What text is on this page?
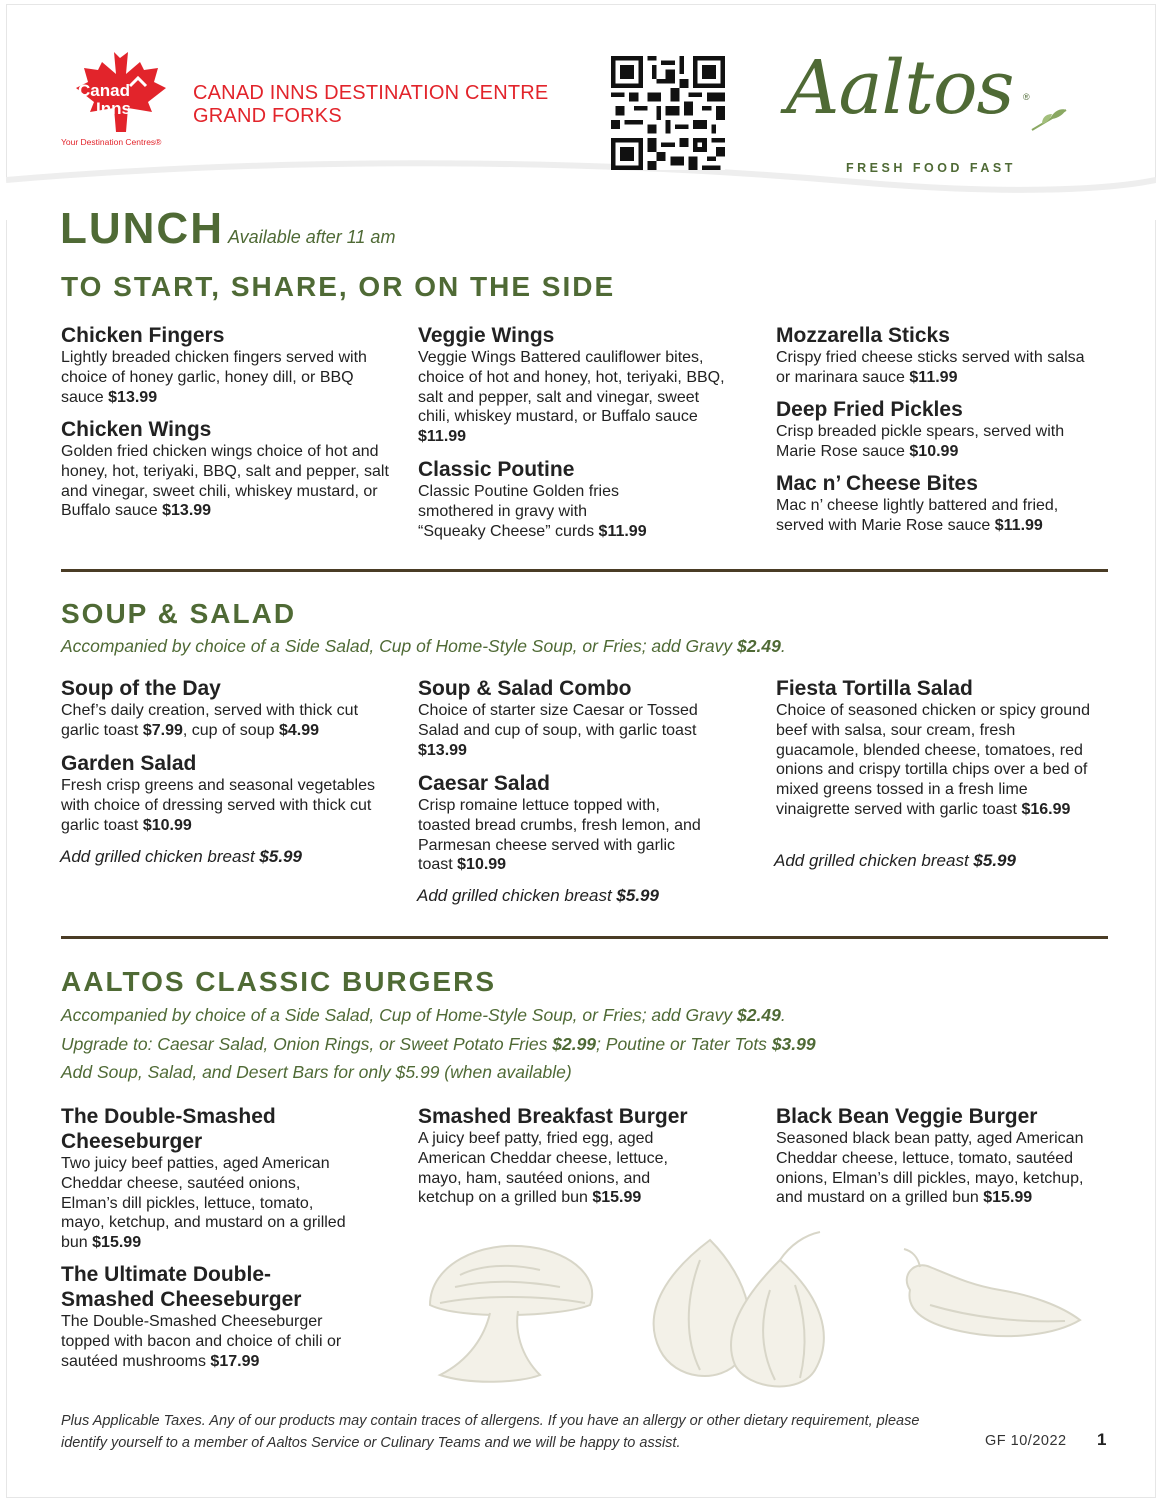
Canad
Inns
Your Destination Centres®
CANAD INNS DESTINATION CENTRE
GRAND FORKS	Aaltos ®
FRESH FOOD FAST
LUNCH Available after 11 am
TO START, SHARE, OR ON THE SIDE
Chicken Fingers
Lightly breaded chicken fingers served with choice of honey garlic, honey dill, or BBQ sauce $13.99
Chicken Wings
Golden fried chicken wings choice of hot and honey, hot, teriyaki, BBQ, salt and pepper, salt and vinegar, sweet chili, whiskey mustard, or Buffalo sauce $13.99
Veggie Wings
Veggie Wings Battered cauliflower bites, choice of hot and honey, hot, teriyaki, BBQ, salt and pepper, salt and vinegar, sweet chili, whiskey mustard, or Buffalo sauce $11.99
Classic Poutine
Classic Poutine Golden fries smothered in gravy with “Squeaky Cheese” curds $11.99
Mozzarella Sticks
Crispy fried cheese sticks served with salsa or marinara sauce $11.99
Deep Fried Pickles
Crisp breaded pickle spears, served with Marie Rose sauce $10.99
Mac n’ Cheese Bites
Mac n’ cheese lightly battered and fried, served with Marie Rose sauce $11.99
SOUP & SALAD
Accompanied by choice of a Side Salad, Cup of Home-Style Soup, or Fries; add Gravy $2.49.
Soup of the Day
Chef’s daily creation, served with thick cut garlic toast $7.99, cup of soup $4.99
Garden Salad
Fresh crisp greens and seasonal vegetables with choice of dressing served with thick cut garlic toast $10.99
Add grilled chicken breast $5.99
Soup & Salad Combo
Choice of starter size Caesar or Tossed Salad and cup of soup, with garlic toast $13.99
Caesar Salad
Crisp romaine lettuce topped with, toasted bread crumbs, fresh lemon, and Parmesan cheese served with garlic toast $10.99
Add grilled chicken breast $5.99
Fiesta Tortilla Salad
Choice of seasoned chicken or spicy ground beef with salsa, sour cream, fresh guacamole, blended cheese, tomatoes, red onions and crispy tortilla chips over a bed of mixed greens tossed in a fresh lime vinaigrette served with garlic toast $16.99
Add grilled chicken breast $5.99
AALTOS CLASSIC BURGERS
Accompanied by choice of a Side Salad, Cup of Home-Style Soup, or Fries; add Gravy $2.49.
Upgrade to: Caesar Salad, Onion Rings, or Sweet Potato Fries $2.99; Poutine or Tater Tots $3.99
Add Soup, Salad, and Desert Bars for only $5.99 (when available)
The Double-Smashed Cheeseburger
Two juicy beef patties, aged American Cheddar cheese, sautéed onions, Elman’s dill pickles, lettuce, tomato, mayo, ketchup, and mustard on a grilled bun $15.99
The Ultimate Double-Smashed Cheeseburger
The Double-Smashed Cheeseburger topped with bacon and choice of chili or sautéed mushrooms $17.99
Smashed Breakfast Burger
A juicy beef patty, fried egg, aged American Cheddar cheese, lettuce, mayo, ham, sautéed onions, and ketchup on a grilled bun $15.99
Black Bean Veggie Burger
Seasoned black bean patty, aged American Cheddar cheese, lettuce, tomato, sautéed onions, Elman’s dill pickles, mayo, ketchup, and mustard on a grilled bun $15.99
Plus Applicable Taxes. Any of our products may contain traces of allergens. If you have an allergy or other dietary requirement, please identify yourself to a member of Aaltos Service or Culinary Teams and we will be happy to assist.	GF 10/2022 1
